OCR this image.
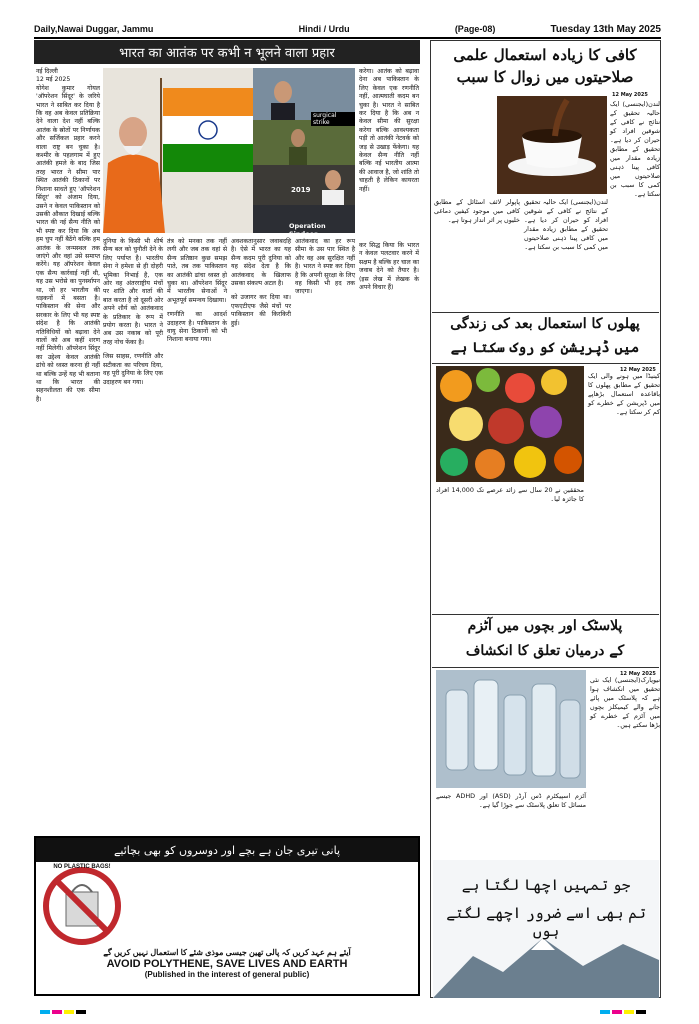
Daily,Nawai Duggar, Jammu	Hindi / Urdu	(Page-08)	Tuesday 13th May 2025
भारत का आतंक पर कभी न भूलने वाला प्रहार
नई दिल्ली
12 मई 2025
योगेश कुमार गोयल 'ऑपरेशन सिंदूर' के जरिये भारत ने साबित कर दिया है कि वह अब केवल प्रतिक्रिया देने वाला देश नहीं बल्कि आतंक के स्रोतों पर निर्णायक और सर्जिकल प्रहार करने वाला राष्ट्र बन चुका है। कश्मीर के पहलगाम में हुए आतंकी हमले के बाद जिस तरह भारत ने सीमा पार स्थित आतंकी ठिकानों पर निशाना साधते हुए 'ऑपरेशन सिंदूर' को अंजाम दिया, उसने न केवल पाकिस्तान को उसकी औकात दिखाई बल्कि भारत की नई सैन्य नीति को भी स्पष्ट कर दिया कि अब हम चुप नहीं बैठेंगे बल्कि हम आतंक के जन्मस्थल तक जाएंगे और वहां उसे समाप्त करेंगे। यह ऑपरेशन केवल एक सैन्य कार्रवाई नहीं थी, यह उस भरोसे का पुनर्स्थापन था, जो हर भारतीय की धड़कनों में बसता है। पाकिस्तान की सेना और सरकार के लिए भी यह स्पष्ट संदेश है कि आतंकी गतिविधियों को बढ़ावा देने वालों को अब कहीं शरण नहीं मिलेगी। ऑपरेशन सिंदूर का उद्देश्य केवल आतंकी ढांचे को ध्वस्त करना ही नहीं था बल्कि उन्हें यह भी बताना था कि भारत की सहनशीलता की एक सीमा है।
surgical strike
2019
Operation Sindoor
करेगा। आतंक को बढ़ावा देना अब पाकिस्तान के लिए केवल एक रणनीति नहीं, आत्मघाती कदम बन चुका है। भारत ने साबित कर दिया है कि अब न केवल सीमा की सुरक्षा करेगा बल्कि आवश्यकता पड़ी तो आतंकी नेटवर्क को जड़ से उखाड़ फेंकेगा। यह केवल सैन्य नीति नहीं बल्कि नई भारतीय आत्मा की आवाज है, जो शांति तो चाहती है लेकिन कायरता नहीं।
दुनिया के किसी भी शीर्ष सैन्य बल को चुनौती देने के लिए पर्याप्त है। भारतीय सेना ने हमेशा से ही दोहरी भूमिका निभाई है, एक ओर वह अंतरराष्ट्रीय मंचों पर शांति और वार्ता की बात करता है तो दूसरी ओर अपने शौर्य को आतंकवाद के प्रतिकार के रूप में प्रयोग करता है। भारत ने अब उस नकाब को पूरी तरह नोच फेंका है।
जिस साहस, रणनीति और सटीकता का परिचय दिया, वह पूरी दुनिया के लिए एक उदाहरण बन गया।
तंत्र को मनका तक नहीं लगी और जब तक वहां से सैन्य प्रतिष्ठान कुछ समझ पाते, तब तक पाकिस्तान का आतंकी ढांचा ध्वस्त हो चुका था। ऑपरेशन सिंदूर में भारतीय सेनाओं ने अभूतपूर्व समन्वय दिखाया।
रणनीति का आदर्श उदाहरण है। पाकिस्तान के वायु सेना ठिकानों को भी निशाना बनाया गया।
अवशकतानुसार जवाबदहि है। ऐसे में भारत का यह सैन्य कदम पूरी दुनिया को यह संदेश देता है कि आतंकवाद के खिलाफ उसका संकल्प अटल है।
को उजागर कर दिया था। एफएटीएफ जैसे मंचों पर पाकिस्तान की किरकिरी हुई।
आतंकवाद का हर रूप सीमा के उस पार स्थित है और वह अब सुरक्षित नहीं है। भारत ने स्पष्ट कर दिया है कि अपनी सुरक्षा के लिए वह किसी भी हद तक जाएगा।
कर सिद्ध किया कि भारत न केवल पलटवार करने में सक्षम है बल्कि हर चाल का जवाब देने को तैयार है। (इस लेख में लेखक के अपने विचार हैं)
پانی تیری جان ہے بچے اور دوسروں کو بھی بچائیے
NO PLASTIC BAGS!
آیئے ہم عہد کریں کہ پالی تھین جیسی موذی شئے کا استعمال نہیں کریں گے
AVOID POLYTHENE, SAVE LIVES AND EARTH
(Published in the interest of general public)
کافی کا زیادہ استعمال علمی
صلاحیتوں میں زوال کا سبب
12 May 2025
لندن(ایجنسی) ایک حالیہ تحقیق کے نتائج نے کافی کے شوقین افراد کو حیران کر دیا ہے۔ تحقیق کے مطابق زیادہ مقدار میں کافی پینا ذہنی صلاحیتوں میں کمی کا سبب بن سکتا ہے۔
پاپولر لائف اسٹائل کے مطابق کافی میں موجود کیفین دماغی خلیوں پر اثر انداز ہوتا ہے۔
لندن(ایجنسی) ایک حالیہ تحقیق کے نتائج نے کافی کے شوقین افراد کو حیران کر دیا ہے۔ تحقیق کے مطابق زیادہ مقدار میں کافی پینا ذہنی صلاحیتوں میں کمی کا سبب بن سکتا ہے۔
پھلوں کا استعمال بعد کی زندگی
میں ڈپریشن کو روک سکتا ہے
12 May 2025
کینیڈا میں ہونے والی ایک تحقیق کے مطابق پھلوں کا باقاعدہ استعمال بڑھاپے میں ڈپریشن کے خطرے کو کم کر سکتا ہے۔
محققین نے 20 سال سے زائد عرصے تک 14,000 افراد کا جائزہ لیا۔
پلاسٹک اور بچوں میں آٹزم
کے درمیان تعلق کا انکشاف
12 May 2025
نیویارک(ایجنسی) ایک نئی تحقیق میں انکشاف ہوا ہے کہ پلاسٹک میں پائے جانے والے کیمیکلز بچوں میں آٹزم کے خطرے کو بڑھا سکتے ہیں۔
آٹزم اسپیکٹرم ڈس آرڈر (ASD) اور ADHD جیسے مسائل کا تعلق پلاسٹک سے جوڑا گیا ہے۔
جو تمہیں اچھا لگتا ہے
تم بھی اسے ضرور اچھے لگتے ہوں
